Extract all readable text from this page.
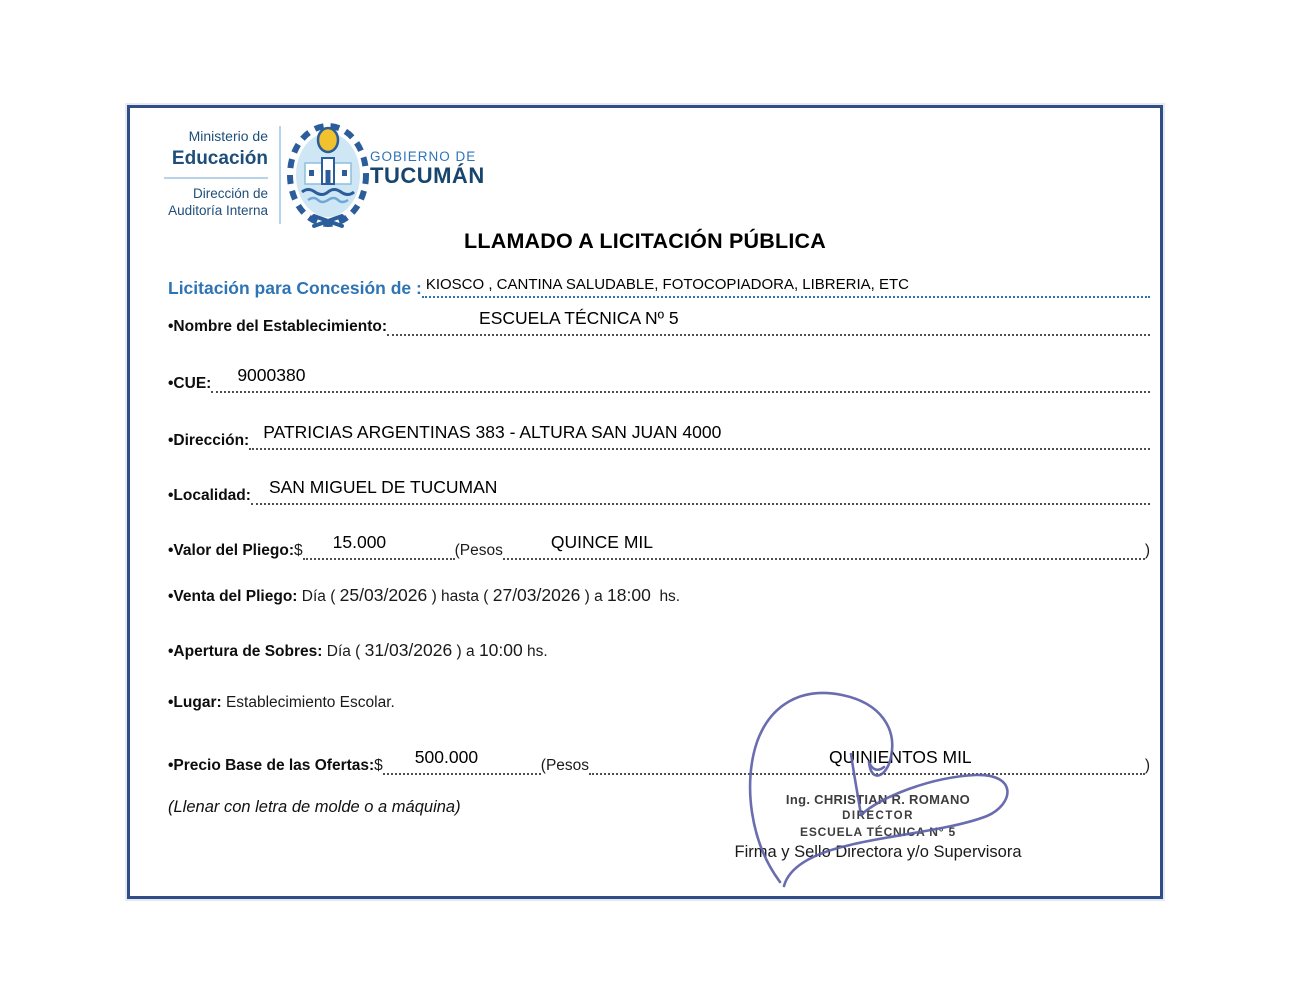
Ministerio de
Educación
Dirección de
Auditoría Interna
GOBIERNO DE
TUCUMÁN
LLAMADO A LICITACIÓN PÚBLICA
Licitación para Concesión de :

KIOSCO , CANTINA SALUDABLE, FOTOCOPIADORA, LIBRERIA, ETC

•Nombre del Establecimiento:

	ESCUELA TÉCNICA Nº 5

•CUE:

9000380

•Dirección:

PATRICIAS ARGENTINAS 383 - ALTURA SAN JUAN 4000

•Localidad:

SAN MIGUEL DE TUCUMAN

•Valor del Pliego: $

15.000

	(Pesos

	QUINCE MIL

	)
•Venta del Pliego: Día ( 25/03/2026 ) hasta ( 27/03/2026 ) a 18:00 hs.
•Apertura de Sobres: Día ( 31/03/2026 ) a 10:00 hs.
•Lugar: Establecimiento Escolar.
•Precio Base de las Ofertas: $

500.000

	(Pesos

	QUINIENTOS MIL

	)
(Llenar con letra de molde o a máquina)	Ing. CHRISTIAN R. ROMANO
DIRECTOR
ESCUELA TÉCNICA N° 5
Firma y Sello Directora y/o Supervisora
